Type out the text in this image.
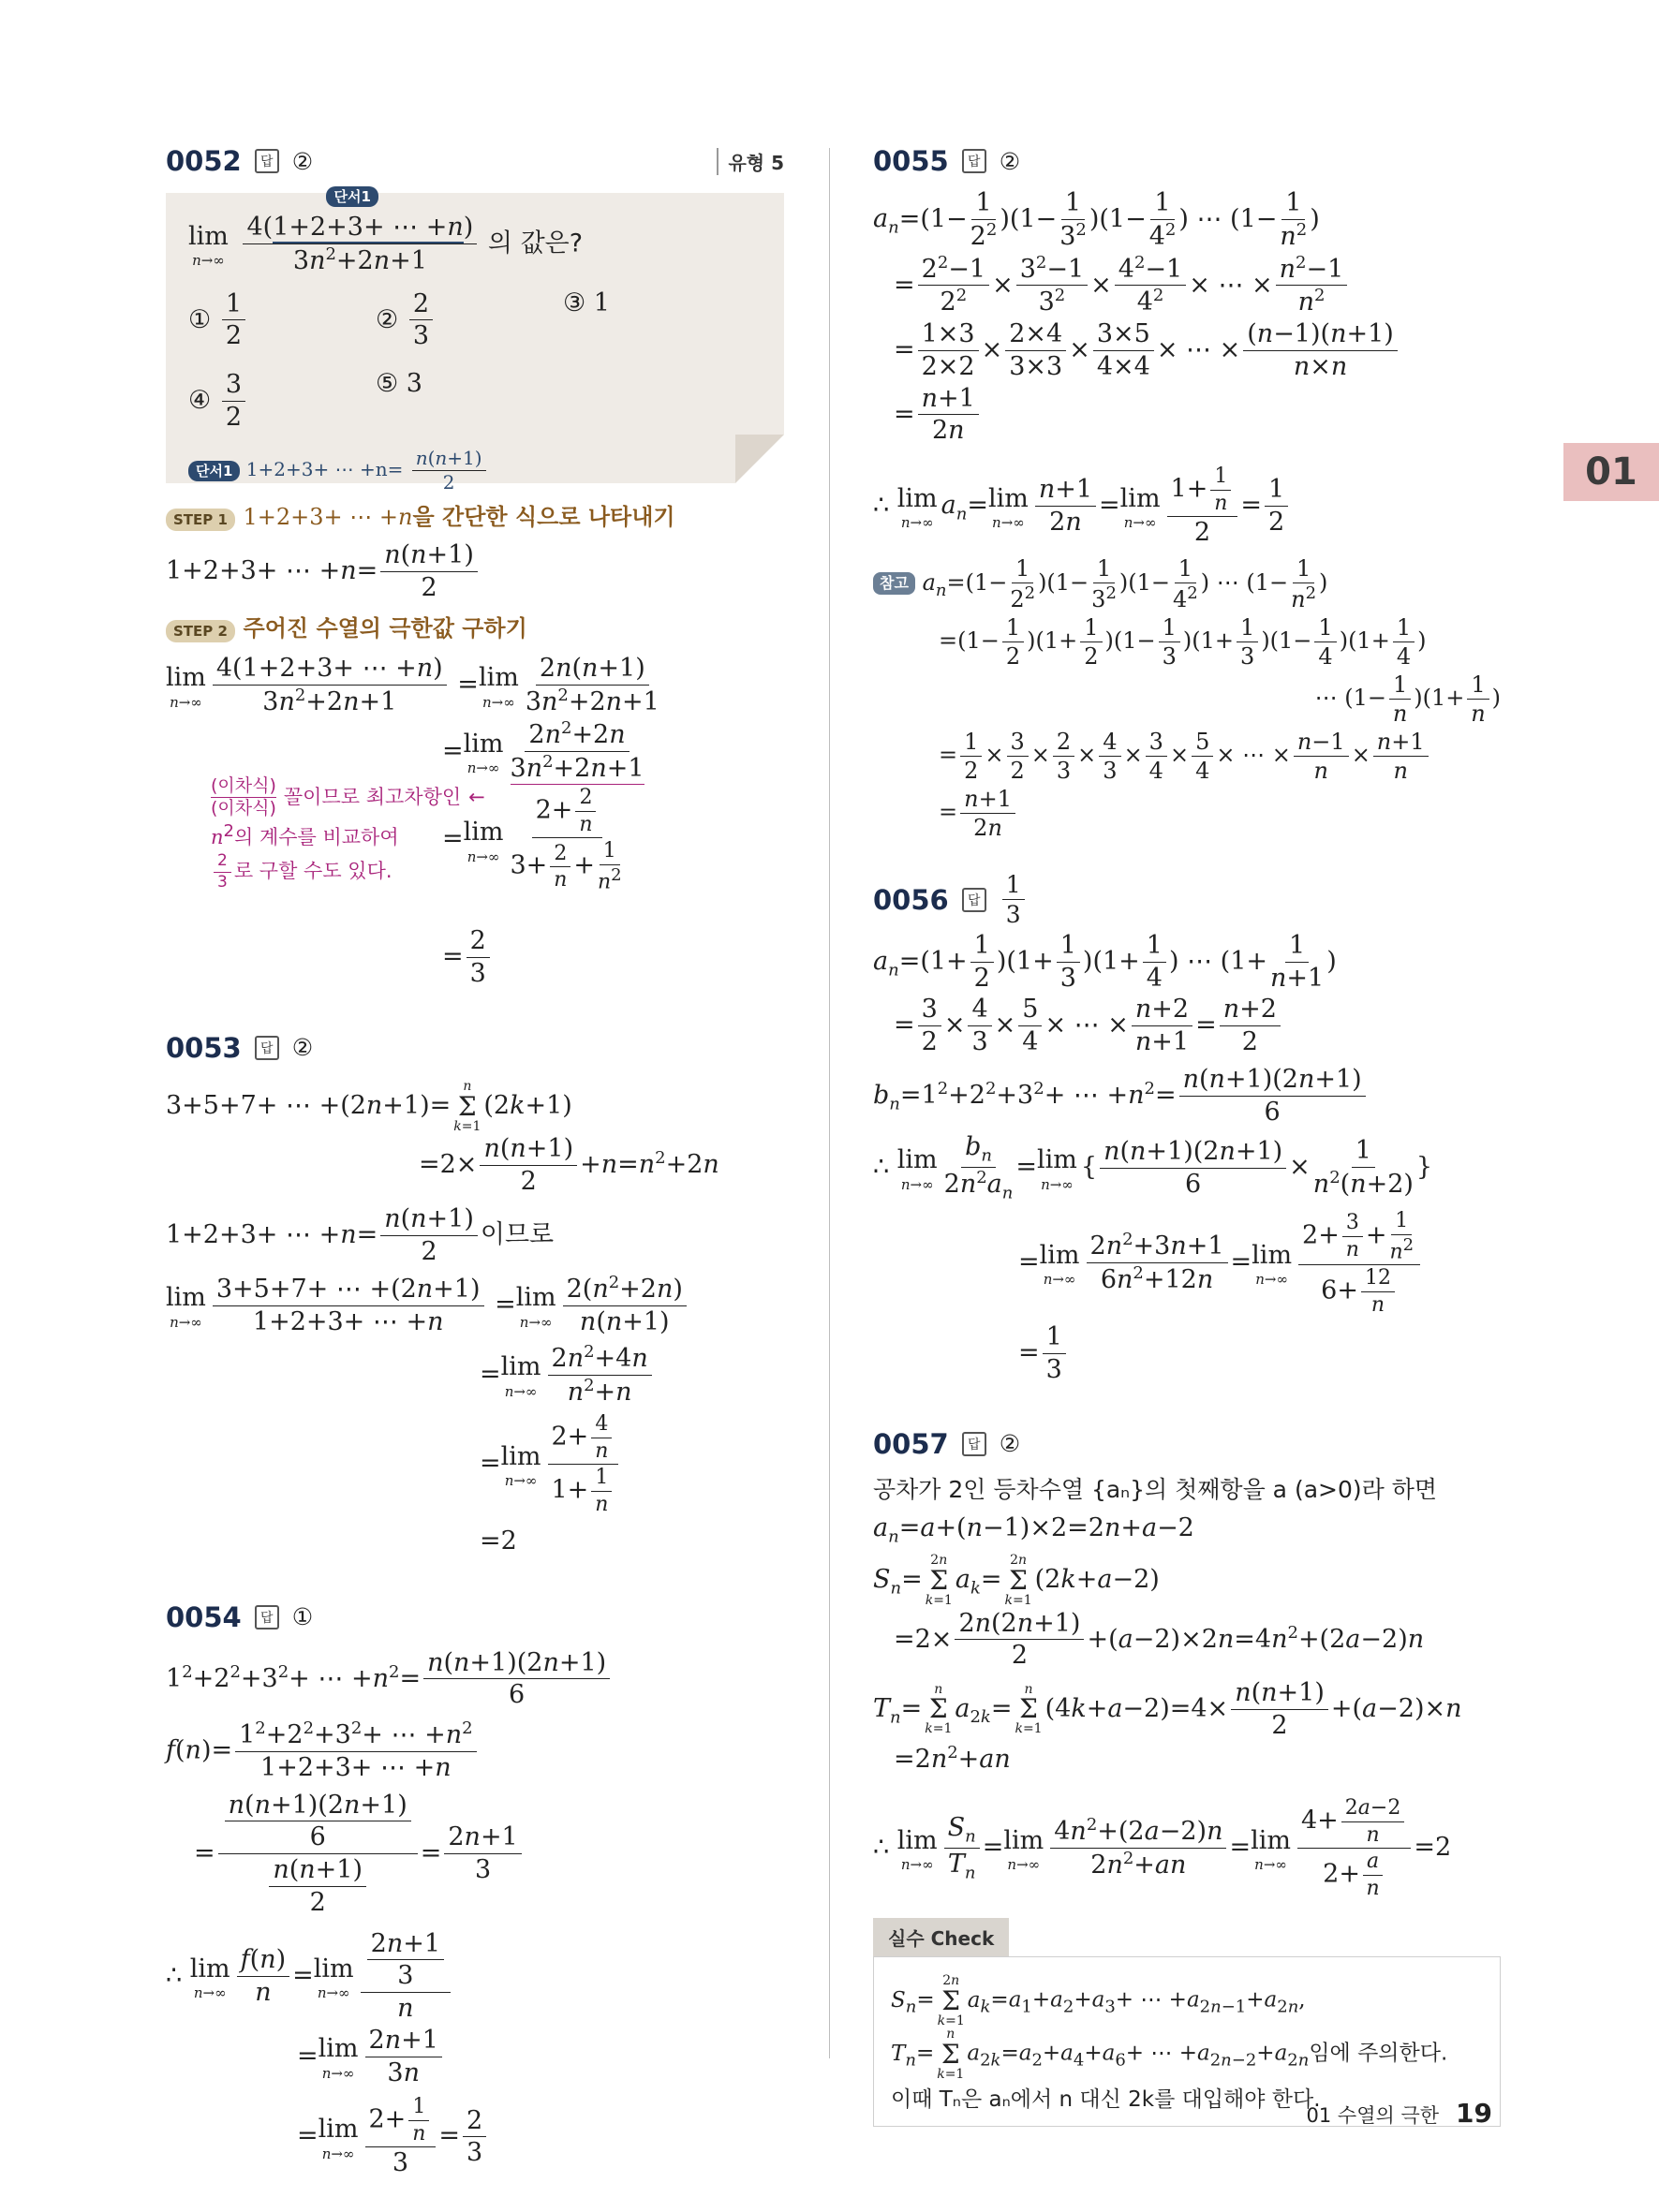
01
0052	답 ②	유형 5
lim
n→∞
단서1
4(1+2+3+ ⋯ +n)
$3n^2+2n+1$ 의 값은?
① $\frac{1}{2}$	② $\frac{2}{3}$	③ 1
④ $\frac{3}{2}$	⑤ 3
단서1 1+2+3+ ⋯ $+n= \frac{n(n+1)}{2}$
STEP 1 1+2+3+ ⋯ +n을 간단한 식으로 나타내기
1+2+3+ ⋯ $+n= \frac{n(n+1)}{2}$
STEP 2 주어진 수열의 극한값 구하기
lim
$n\to\infty \frac{4(1+2+3+ \cdots +n)}{3n^2+2n+1} = \lim$
$n\to\infty \frac{2n(n+1)}{3n^2+2n+1}$
= lim
$n\to\infty \frac{2n^2+2n}{3n^2+2n+1}$
(이차식)
(이차식) 꼴이므로 최고차항인 ←
$n^2$의 계수를 비교하여
$\frac{2}{3}$ 로 구할 수도 있다.
= lim
$n\to\infty \frac{2+ \frac{2}{n}}{3+ \frac{2}{n} + \frac{1}{n^2}}$
= $\frac{2}{3}$
0053	답 ②
3+5+7+ ⋯ +(2n+1)=
n
Σ
k=1
(2k+1)
$=2\times \frac{n(n+1)}{2} +n=n^2+2n$
1+2+3+ ⋯ $+n= \frac{n(n+1)}{2}$ 이므로
lim
$n\to\infty \frac{3+5+7+ \cdots +(2n+1)}{1+2+3+ \cdots +n} = \lim$
$n\to\infty \frac{2(n^2+2n)}{n(n+1)}$
= lim
$n\to\infty \frac{2n^2+4n}{n^2+n}$
= lim
$n\to\infty \frac{2+ \frac{4}{n}}{1+ \frac{1}{n}}$
=2
0054	답 ①
$1^2+2^2+3^2+$ ⋯ $+n^2= \frac{n(n+1)(2n+1)}{6}$
$f(n)= \frac{1^2+2^2+3^2+ \cdots +n^2}{1+2+3+ \cdots +n}$
= $\frac{\frac{n(n+1)(2n+1)}{6}}{\frac{n(n+1)}{2}} = \frac{2n+1}{3}$
∴ lim
$n\to\infty \frac{f(n)}{n} = \lim$
$n\to\infty \frac{\frac{2n+1}{3}}{n}$
= lim
$n\to\infty \frac{2n+1}{3n}$
= lim
$n\to\infty \frac{2+ \frac{1}{n}}{3} = \frac{2}{3}$
0055	답 ②
$a_n=(1- \frac{1}{2^2} )(1- \frac{1}{3^2} )(1- \frac{1}{4^2}$ ) ⋯ ($1- \frac{1}{n^2}$ )
= $\frac{2^2-1}{2^2} \times \frac{3^2-1}{3^2} \times \frac{4^2-1}{4^2}$ × ⋯ × $\frac{n^2-1}{n^2}$
= $\frac{1\times 3}{2\times 2} \times \frac{2\times 4}{3\times 3} \times \frac{3\times 5}{4\times 4}$ × ⋯ × $\frac{(n-1)(n+1)}{n\times n}$
= $\frac{n+1}{2n}$
∴ lim
n→∞
$a_n= \lim$
$n\to\infty \frac{n+1}{2n} = \lim$
$n\to\infty \frac{1+ \frac{1}{n}}{2} = \frac{1}{2}$
참고 $a_n=(1- \frac{1}{2^2} )(1- \frac{1}{3^2} )(1- \frac{1}{4^2}$ ) ⋯ ($1- \frac{1}{n^2}$ )
$=(1- \frac{1}{2} )(1+ \frac{1}{2} )(1- \frac{1}{3} )(1+ \frac{1}{3} )(1- \frac{1}{4} )(1+ \frac{1}{4}$ )
⋯ $(1- \frac{1}{n} )(1+ \frac{1}{n}$ )
= $\frac{1}{2} \times \frac{3}{2} \times \frac{2}{3} \times \frac{4}{3} \times \frac{3}{4} \times \frac{5}{4}$ × ⋯ × $\frac{n-1}{n} \times \frac{n+1}{n}$
= $\frac{n+1}{2n}$
0056	답 $\frac{1}{3}$
$a_n=(1+ \frac{1}{2} )(1+ \frac{1}{3} )(1+ \frac{1}{4}$ ) ⋯ ($1+ \frac{1}{n+1}$ )
= $\frac{3}{2} \times \frac{4}{3} \times \frac{5}{4}$ × ⋯ × $\frac{n+2}{n+1} = \frac{n+2}{2}$
$b_n=1^2+2^2+3^2+$ ⋯ $+n^2= \frac{n(n+1)(2n+1)}{6}$
∴ lim
$n\to\infty \frac{b_n}{2n^2a_n} = \lim$
n→∞
{ $\frac{n(n+1)(2n+1)}{6} \times \frac{1}{n^2(n+2)}$ }
= lim
$n\to\infty \frac{2n^2+3n+1}{6n^2+12n} = \lim$
$n\to\infty \frac{2+ \frac{3}{n} + \frac{1}{n^2}}{6+ \frac{12}{n}}$
= $\frac{1}{3}$
0057	답 ②
공차가 2인 등차수열 {aₙ}의 첫째항을 a (a>0)라 하면
$a_n=a+(n-1)\times 2=2n+a-2$
$S_n=$
2n
Σ
k=1
$a_k=$
2n
Σ
k=1
(2k+a−2)
$=2\times \frac{2n(2n+1)}{2} +(a-2)\times 2n=4n^2+(2a-2)n$
$T_n=$
n
Σ
k=1
$a_{2k}=$
n
Σ
k=1
$(4k+a-2)=4\times \frac{n(n+1)}{2} +(a-2)\times n$
$=2n^2+an$
∴ lim
$n\to\infty \frac{S_n}{T_n} = \lim$
$n\to\infty \frac{4n^2+(2a-2)n}{2n^2+an} = \lim$
$n\to\infty \frac{4+ \frac{2a-2}{n}}{2+ \frac{a}{n}} =2$
실수 Check
$S_n=$
2n
Σ
k=1
$a_k=a_1+a_2+a_3+$ ⋯ $+a_{2n-1}+a_{2n}$,
$T_n=$
n
Σ
k=1
$a_{2k}=a_2+a_4+a_6+$ ⋯ $+a_{2n-2}+a_{2n}$임에 주의한다.
이때 Tₙ은 aₙ에서 n 대신 2k를 대입해야 한다.
01 수열의 극한 19
